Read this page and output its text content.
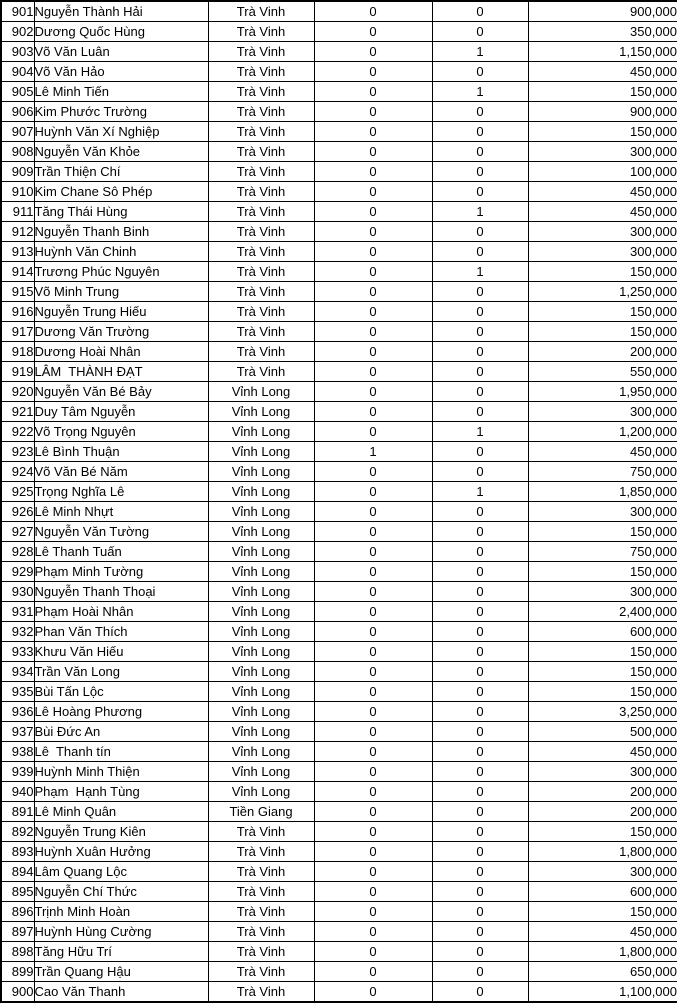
901	Nguyễn Thành Hải	Trà Vinh	0	0	900,000
902	Dương Quốc Hùng	Trà Vinh	0	0	350,000
903	Võ Văn Luân	Trà Vinh	0	1	1,150,000
904	Võ Văn Hảo	Trà Vinh	0	0	450,000
905	Lê Minh Tiến	Trà Vinh	0	1	150,000
906	Kim Phước Trường	Trà Vinh	0	0	900,000
907	Huỳnh Văn Xí Nghiệp	Trà Vinh	0	0	150,000
908	Nguyễn Văn Khỏe	Trà Vinh	0	0	300,000
909	Trần Thiện Chí	Trà Vinh	0	0	100,000
910	Kim Chane Sô Phép	Trà Vinh	0	0	450,000
911	Tăng Thái Hùng	Trà Vinh	0	1	450,000
912	Nguyễn Thanh Binh	Trà Vinh	0	0	300,000
913	Huỳnh Văn Chinh	Trà Vinh	0	0	300,000
914	Trương Phúc Nguyên	Trà Vinh	0	1	150,000
915	Võ Minh Trung	Trà Vinh	0	0	1,250,000
916	Nguyễn Trung Hiếu	Trà Vinh	0	0	150,000
917	Dương Văn Trường	Trà Vinh	0	0	150,000
918	Dương Hoài Nhân	Trà Vinh	0	0	200,000
919	LÂM  THÀNH ĐẠT	Trà Vinh	0	0	550,000
920	Nguyễn Văn Bé Bảy	Vỉnh Long	0	0	1,950,000
921	Duy Tâm Nguyễn	Vỉnh Long	0	0	300,000
922	Võ Trọng Nguyên	Vỉnh Long	0	1	1,200,000
923	Lê Bình Thuận	Vỉnh Long	1	0	450,000
924	Võ Văn Bé Năm	Vỉnh Long	0	0	750,000
925	Trọng Nghĩa Lê	Vỉnh Long	0	1	1,850,000
926	Lê Minh Nhựt	Vỉnh Long	0	0	300,000
927	Nguyễn Văn Tường	Vỉnh Long	0	0	150,000
928	Lê Thanh Tuấn	Vỉnh Long	0	0	750,000
929	Phạm Minh Tường	Vỉnh Long	0	0	150,000
930	Nguyễn Thanh Thoại	Vỉnh Long	0	0	300,000
931	Phạm Hoài Nhân	Vỉnh Long	0	0	2,400,000
932	Phan Văn Thích	Vỉnh Long	0	0	600,000
933	Khưu Văn Hiếu	Vỉnh Long	0	0	150,000
934	Trần Văn Long	Vỉnh Long	0	0	150,000
935	Bùi Tấn Lộc	Vỉnh Long	0	0	150,000
936	Lê Hoàng Phương	Vỉnh Long	0	0	3,250,000
937	Bùi Đức An	Vỉnh Long	0	0	500,000
938	Lê  Thanh tín	Vỉnh Long	0	0	450,000
939	Huỳnh Minh Thiện	Vỉnh Long	0	0	300,000
940	Phạm  Hạnh Tùng	Vỉnh Long	0	0	200,000
891	Lê Minh Quân	Tiền Giang	0	0	200,000
892	Nguyễn Trung Kiên	Trà Vinh	0	0	150,000
893	Huỳnh Xuân Hưởng	Trà Vinh	0	0	1,800,000
894	Lâm Quang Lộc	Trà Vinh	0	0	300,000
895	Nguyễn Chí Thức	Trà Vinh	0	0	600,000
896	Trịnh Minh Hoàn	Trà Vinh	0	0	150,000
897	Huỳnh Hùng Cường	Trà Vinh	0	0	450,000
898	Tăng Hữu Trí	Trà Vinh	0	0	1,800,000
899	Trần Quang Hậu	Trà Vinh	0	0	650,000
900	Cao Văn Thanh	Trà Vinh	0	0	1,100,000
